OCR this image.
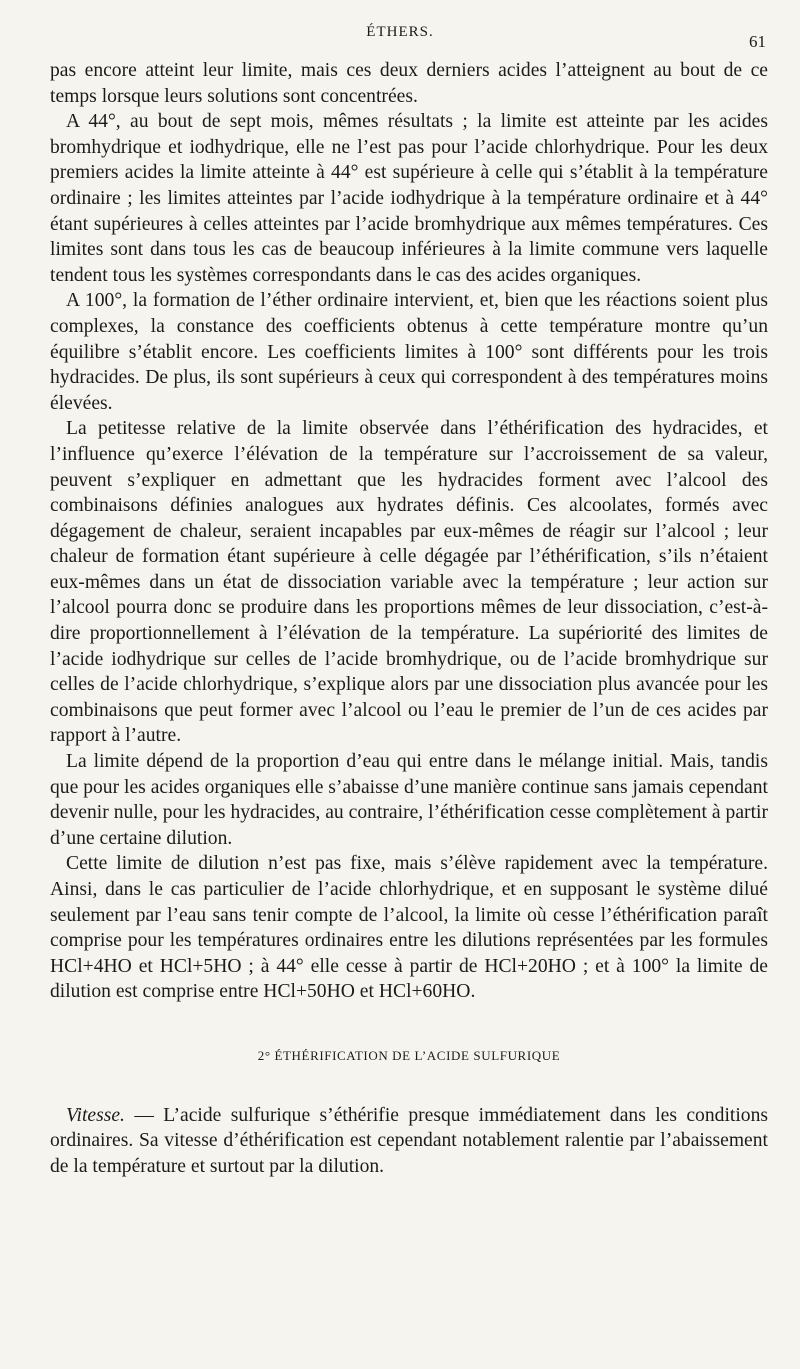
ÉTHERS.	61

pas encore atteint leur limite, mais ces deux derniers acides l’atteignent au bout de ce temps lorsque leurs solutions sont concentrées.

A 44°, au bout de sept mois, mêmes résultats ; la limite est atteinte par les acides bromhydrique et iodhydrique, elle ne l’est pas pour l’acide chlorhydrique. Pour les deux premiers acides la limite atteinte à 44° est supérieure à celle qui s’établit à la température ordinaire ; les limites atteintes par l’acide iodhydrique à la température ordinaire et à 44° étant supérieures à celles atteintes par l’acide bromhydrique aux mêmes températures. Ces limites sont dans tous les cas de beaucoup inférieures à la limite commune vers laquelle tendent tous les systèmes correspondants dans le cas des acides organiques.

A 100°, la formation de l’éther ordinaire intervient, et, bien que les réactions soient plus complexes, la constance des coefficients obtenus à cette température montre qu’un équilibre s’établit encore. Les coefficients limites à 100° sont différents pour les trois hydracides. De plus, ils sont supérieurs à ceux qui correspondent à des températures moins élevées.

La petitesse relative de la limite observée dans l’éthérification des hydracides, et l’influence qu’exerce l’élévation de la température sur l’accroissement de sa valeur, peuvent s’expliquer en admettant que les hydracides forment avec l’alcool des combinaisons définies analogues aux hydrates définis. Ces alcoolates, formés avec dégagement de chaleur, seraient incapables par eux-mêmes de réagir sur l’alcool ; leur chaleur de formation étant supérieure à celle dégagée par l’éthérification, s’ils n’étaient eux-mêmes dans un état de dissociation variable avec la température ; leur action sur l’alcool pourra donc se produire dans les proportions mêmes de leur dissociation, c’est-à-dire proportionnellement à l’élévation de la température. La supériorité des limites de l’acide iodhydrique sur celles de l’acide bromhydrique, ou de l’acide bromhydrique sur celles de l’acide chlorhydrique, s’explique alors par une dissociation plus avancée pour les combinaisons que peut former avec l’alcool ou l’eau le premier de l’un de ces acides par rapport à l’autre.

La limite dépend de la proportion d’eau qui entre dans le mélange initial. Mais, tandis que pour les acides organiques elle s’abaisse d’une manière continue sans jamais cependant devenir nulle, pour les hydracides, au contraire, l’éthérification cesse complètement à partir d’une certaine dilution.

Cette limite de dilution n’est pas fixe, mais s’élève rapidement avec la température. Ainsi, dans le cas particulier de l’acide chlorhydrique, et en supposant le système dilué seulement par l’eau sans tenir compte de l’alcool, la limite où cesse l’éthérification paraît comprise pour les températures ordinaires entre les dilutions représentées par les formules HCl+4HO et HCl+5HO ; à 44° elle cesse à partir de HCl+20HO ; et à 100° la limite de dilution est comprise entre HCl+50HO et HCl+60HO.

2° ÉTHÉRIFICATION DE L’ACIDE SULFURIQUE

Vitesse. — L’acide sulfurique s’éthérifie presque immédiatement dans les conditions ordinaires. Sa vitesse d’éthérification est cependant notablement ralentie par l’abaissement de la température et surtout par la dilution.
